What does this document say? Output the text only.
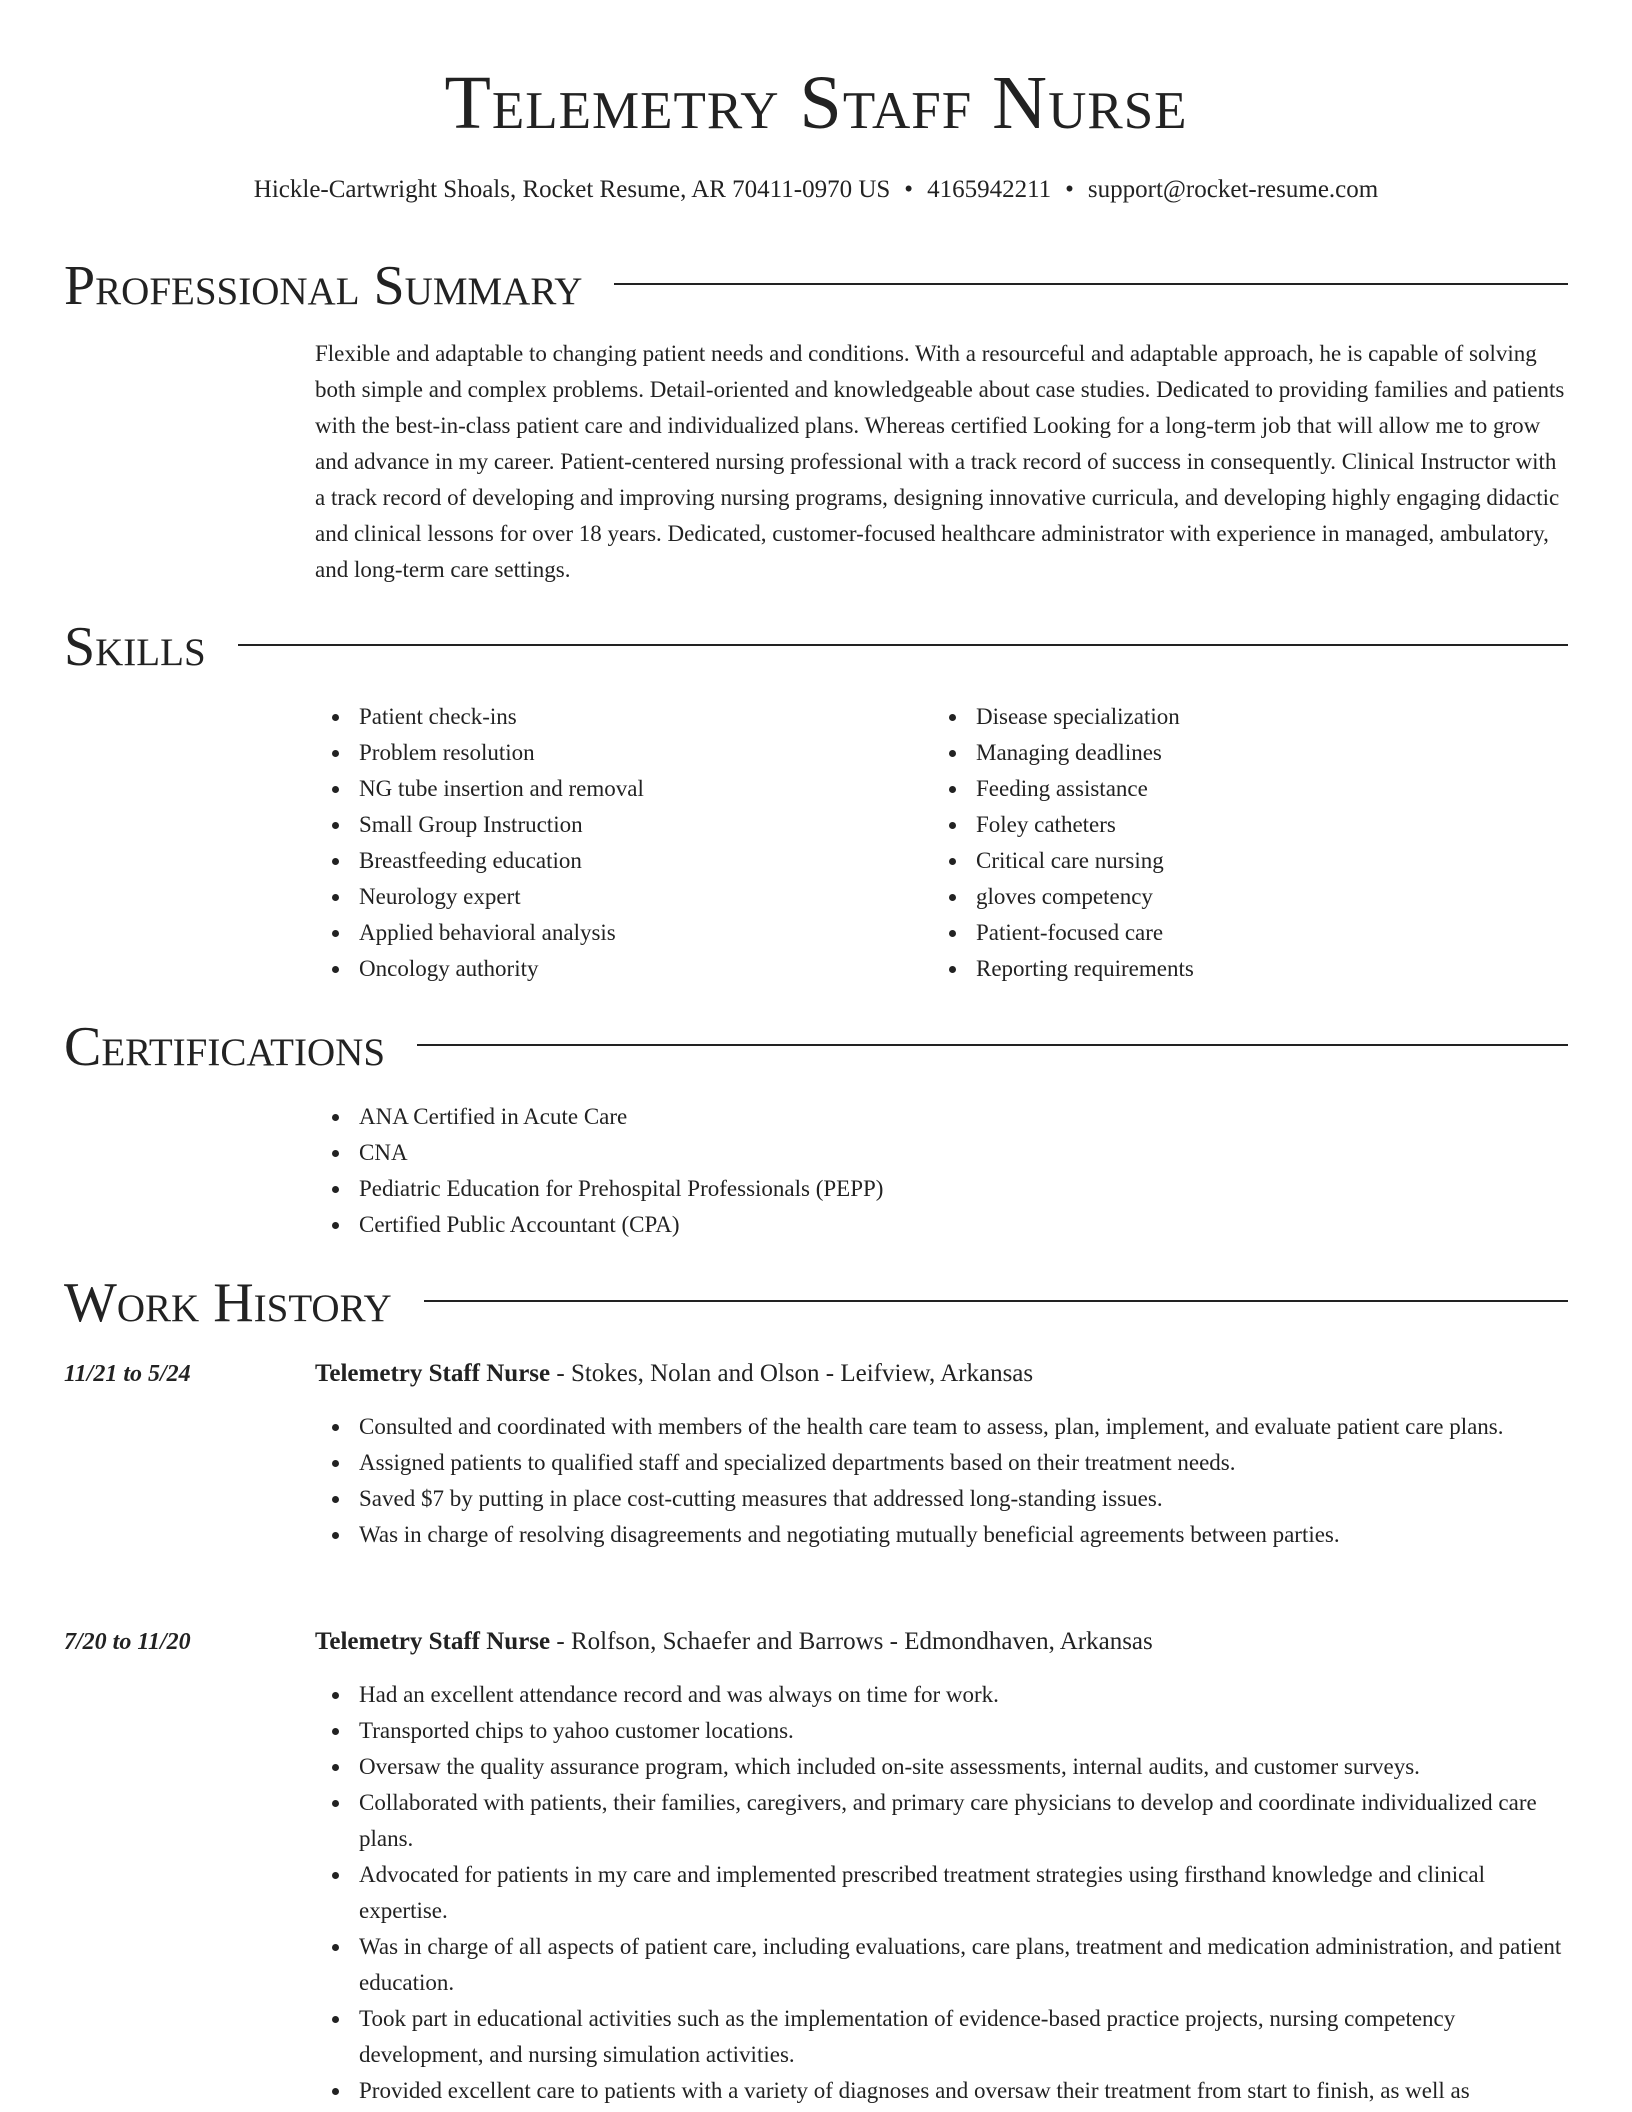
Telemetry Staff Nurse
Hickle-Cartwright Shoals, Rocket Resume, AR 70411-0970 US • 4165942211 • support@rocket-resume.com
Professional Summary

Flexible and adaptable to changing patient needs and conditions. With a resourceful and adaptable approach, he is capable of solving both simple and complex problems. Detail-oriented and knowledgeable about case studies. Dedicated to providing families and patients with the best-in-class patient care and individualized plans. Whereas certified Looking for a long-term job that will allow me to grow and advance in my career. Patient-centered nursing professional with a track record of success in consequently. Clinical Instructor with a track record of developing and improving nursing programs, designing innovative curricula, and developing highly engaging didactic and clinical lessons for over 18 years. Dedicated, customer-focused healthcare administrator with experience in managed, ambulatory, and long-term care settings.

Skills
Patient check-ins
Problem resolution
NG tube insertion and removal
Small Group Instruction
Breastfeeding education
Neurology expert
Applied behavioral analysis
Oncology authority
Disease specialization
Managing deadlines
Feeding assistance
Foley catheters
Critical care nursing
gloves competency
Patient-focused care
Reporting requirements
Certifications
ANA Certified in Acute Care
CNA
Pediatric Education for Prehospital Professionals (PEPP)
Certified Public Accountant (CPA)
Work History
11/21 to 5/24	Telemetry Staff Nurse - Stokes, Nolan and Olson - Leifview, Arkansas
Consulted and coordinated with members of the health care team to assess, plan, implement, and evaluate patient care plans.
Assigned patients to qualified staff and specialized departments based on their treatment needs.
Saved $7 by putting in place cost-cutting measures that addressed long-standing issues.
Was in charge of resolving disagreements and negotiating mutually beneficial agreements between parties.
7/20 to 11/20	Telemetry Staff Nurse - Rolfson, Schaefer and Barrows - Edmondhaven, Arkansas
Had an excellent attendance record and was always on time for work.
Transported chips to yahoo customer locations.
Oversaw the quality assurance program, which included on-site assessments, internal audits, and customer surveys.
Collaborated with patients, their families, caregivers, and primary care physicians to develop and coordinate individualized care plans.
Advocated for patients in my care and implemented prescribed treatment strategies using firsthand knowledge and clinical expertise.
Was in charge of all aspects of patient care, including evaluations, care plans, treatment and medication administration, and patient education.
Took part in educational activities such as the implementation of evidence-based practice projects, nursing competency development, and nursing simulation activities.
Provided excellent care to patients with a variety of diagnoses and oversaw their treatment from start to finish, as well as
